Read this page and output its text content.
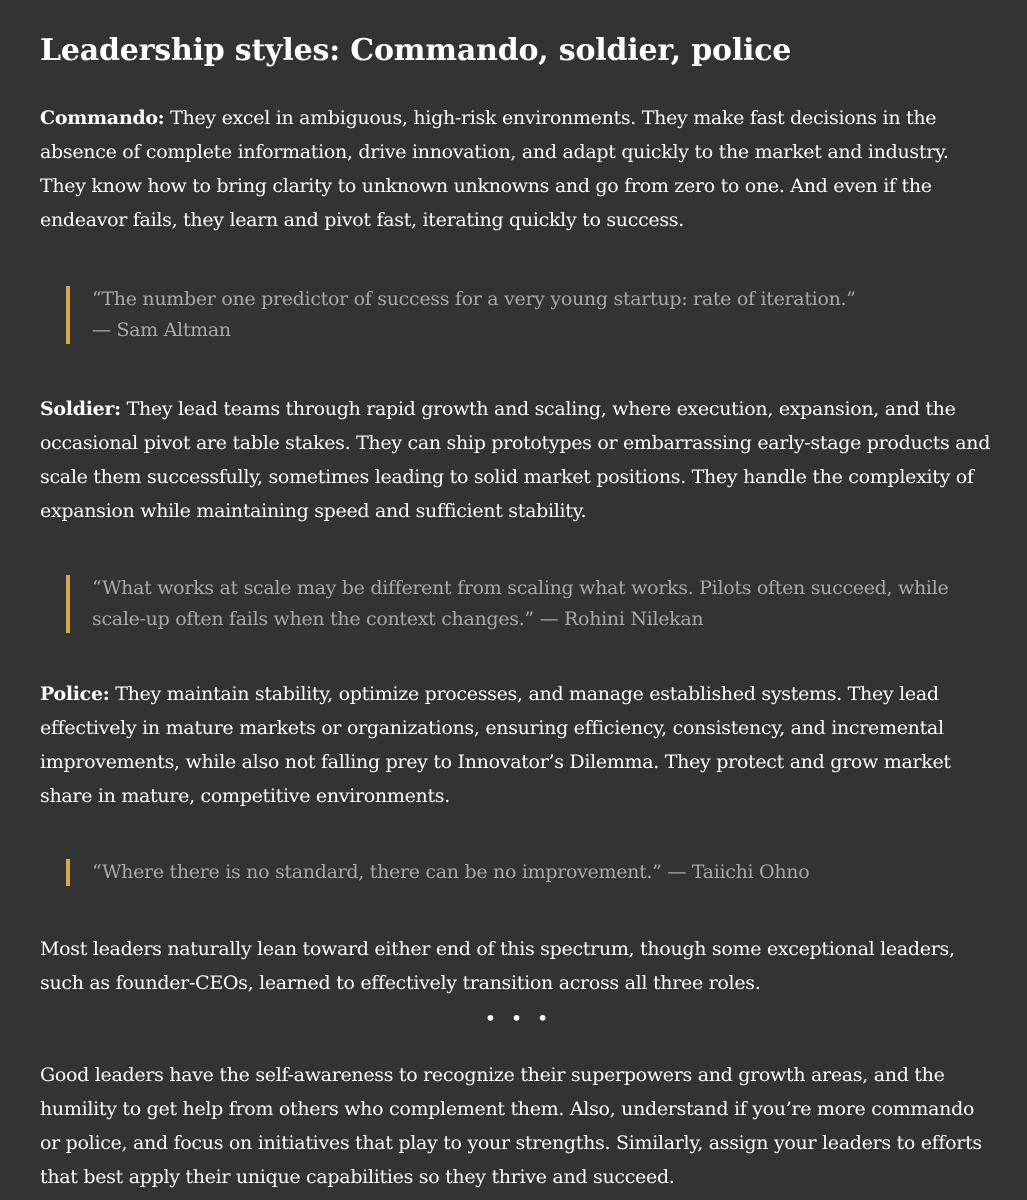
Leadership styles: Commando, soldier, police

Commando: They excel in ambiguous, high-risk environments. They make fast decisions in the absence of complete information, drive innovation, and adapt quickly to the market and industry. They know how to bring clarity to unknown unknowns and go from zero to one. And even if the endeavor fails, they learn and pivot fast, iterating quickly to success.

“The number one predictor of success for a very young startup: rate of iteration.”
— Sam Altman

Soldier: They lead teams through rapid growth and scaling, where execution, expansion, and the occasional pivot are table stakes. They can ship prototypes or embarrassing early-stage products and scale them successfully, sometimes leading to solid market positions. They handle the complexity of expansion while maintaining speed and sufficient stability.

“What works at scale may be different from scaling what works. Pilots often succeed, while scale-up often fails when the context changes.” — Rohini Nilekan

Police: They maintain stability, optimize processes, and manage established systems. They lead effectively in mature markets or organizations, ensuring efficiency, consistency, and incremental improvements, while also not falling prey to Innovator’s Dilemma. They protect and grow market share in mature, competitive environments.

“Where there is no standard, there can be no improvement.” — Taiichi Ohno

Most leaders naturally lean toward either end of this spectrum, though some exceptional leaders, such as founder-CEOs, learned to effectively transition across all three roles.

• • •

Good leaders have the self-awareness to recognize their superpowers and growth areas, and the humility to get help from others who complement them. Also, understand if you’re more commando or police, and focus on initiatives that play to your strengths. Similarly, assign your leaders to efforts that best apply their unique capabilities so they thrive and succeed.
